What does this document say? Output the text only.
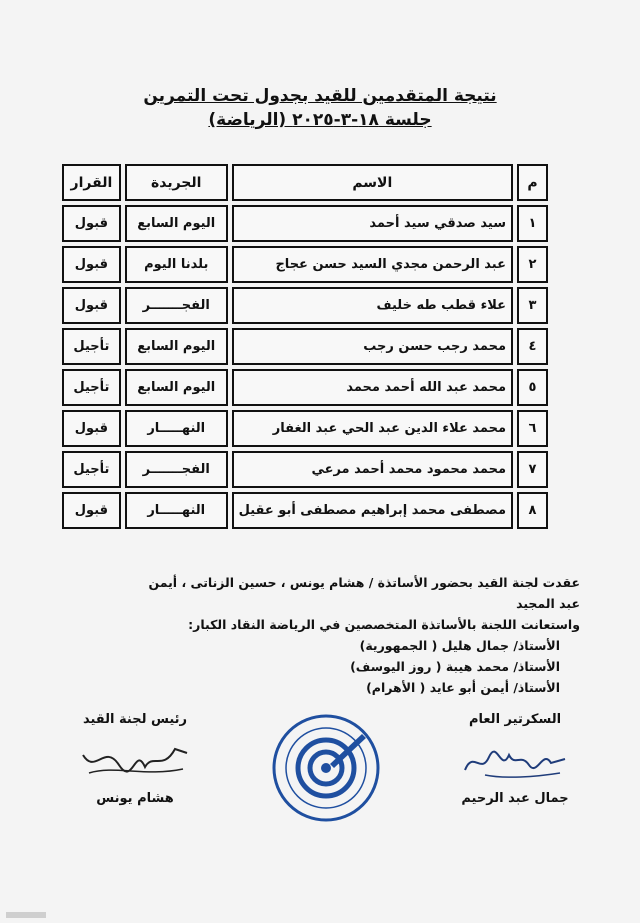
نتيجة المتقدمين للقيد بجدول تحت التمرين
جلسة ١٨-٣-٢٠٢٥ (الرياضة)
م	الاسم	الجريدة	القرار
١	سيد صدقي سيد أحمد	اليوم السابع	قبول
٢	عبد الرحمن مجدي السيد حسن عجاج	بلدنا اليوم	قبول
٣	علاء قطب طه خليف	الفجـــــــر	قبول
٤	محمد رجب حسن رجب	اليوم السابع	تأجيل
٥	محمد عبد الله أحمد محمد	اليوم السابع	تأجيل
٦	محمد علاء الدين عبد الحي عبد الغفار	النهـــــار	قبول
٧	محمد محمود محمد أحمد مرعي	الفجـــــــر	تأجيل
٨	مصطفى محمد إبراهيم مصطفى أبو عقيل	النهـــــار	قبول

عقدت لجنة القيد بحضور الأساتذة / هشام يونس ، حسين الزناتى ، أيمن عبد المجيد

واستعانت اللجنة بالأساتذة المتخصصين في الرياضة النقاد الكبار:

الأستاذ/ جمال هليل ( الجمهورية)

الأستاذ/ محمد هيبة ( روز اليوسف)

الأستاذ/ أيمن أبو عايد ( الأهرام)

السكرتير العام
جمال عبد الرحيم
رئيس لجنة القيد
هشام يونس
